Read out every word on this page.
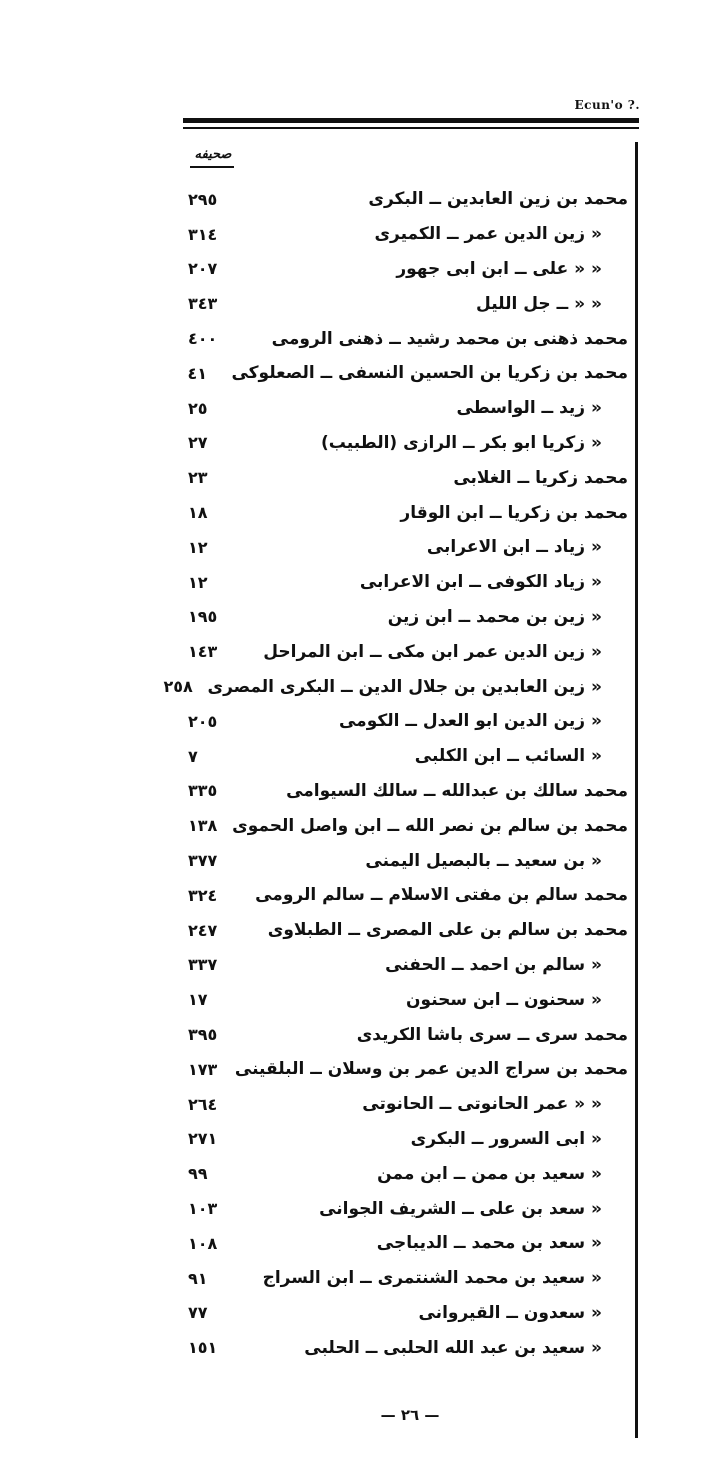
Ecun'o ?.
صحيفه
محمد بن زين العابدين ــ البكرى
٢٩٥
« زين الدين عمر ــ الكميرى
٣١٤
« « على ــ ابن ابى جهور
٢٠٧
« « ــ جل الليل
٣٤٣
محمد ذهنى بن محمد رشيد ــ ذهنى الرومى
٤٠٠
محمد بن زكريا بن الحسين النسفى ــ الصعلوكى
٤١
« زيد ــ الواسطى
٢٥
« زكريا ابو بكر ــ الرازى (الطبيب)
٢٧
محمد زكريا ــ الغلابى
٢٣
محمد بن زكريا ــ ابن الوقار
١٨
« زياد ــ ابن الاعرابى
١٢
« زياد الكوفى ــ ابن الاعرابى
١٢
« زين بن محمد ــ ابن زين
١٩٥
« زين الدين عمر ابن مكى ــ ابن المراحل
١٤٣
« زين العابدين بن جلال الدين ــ البكرى المصرى
٢٥٨
« زين الدين ابو العدل ــ الكومى
٢٠٥
« السائب ــ ابن الكلبى
٧
محمد سالك بن عبدالله ــ سالك السيوامى
٣٣٥
محمد بن سالم بن نصر الله ــ ابن واصل الحموى
١٣٨
« بن سعيد ــ بالبصيل اليمنى
٣٧٧
محمد سالم بن مفتى الاسلام ــ سالم الرومى
٣٢٤
محمد بن سالم بن على المصرى ــ الطبلاوى
٢٤٧
« سالم بن احمد ــ الحفنى
٣٣٧
« سحنون ــ ابن سحنون
١٧
محمد سرى ــ سرى باشا الكريدى
٣٩٥
محمد بن سراج الدين عمر بن وسلان ــ البلقينى
١٧٣
« « عمر الحانوتى ــ الحانوتى
٢٦٤
« ابى السرور ــ البكرى
٢٧١
« سعيد بن ممن ــ ابن ممن
٩٩
« سعد بن على ــ الشريف الجوانى
١٠٣
« سعد بن محمد ــ الديباجى
١٠٨
« سعيد بن محمد الشنتمرى ــ ابن السراج
٩١
« سعدون ــ القيروانى
٧٧
« سعيد بن عبد الله الحلبى ــ الحلبى
١٥١
— ٢٦ —
